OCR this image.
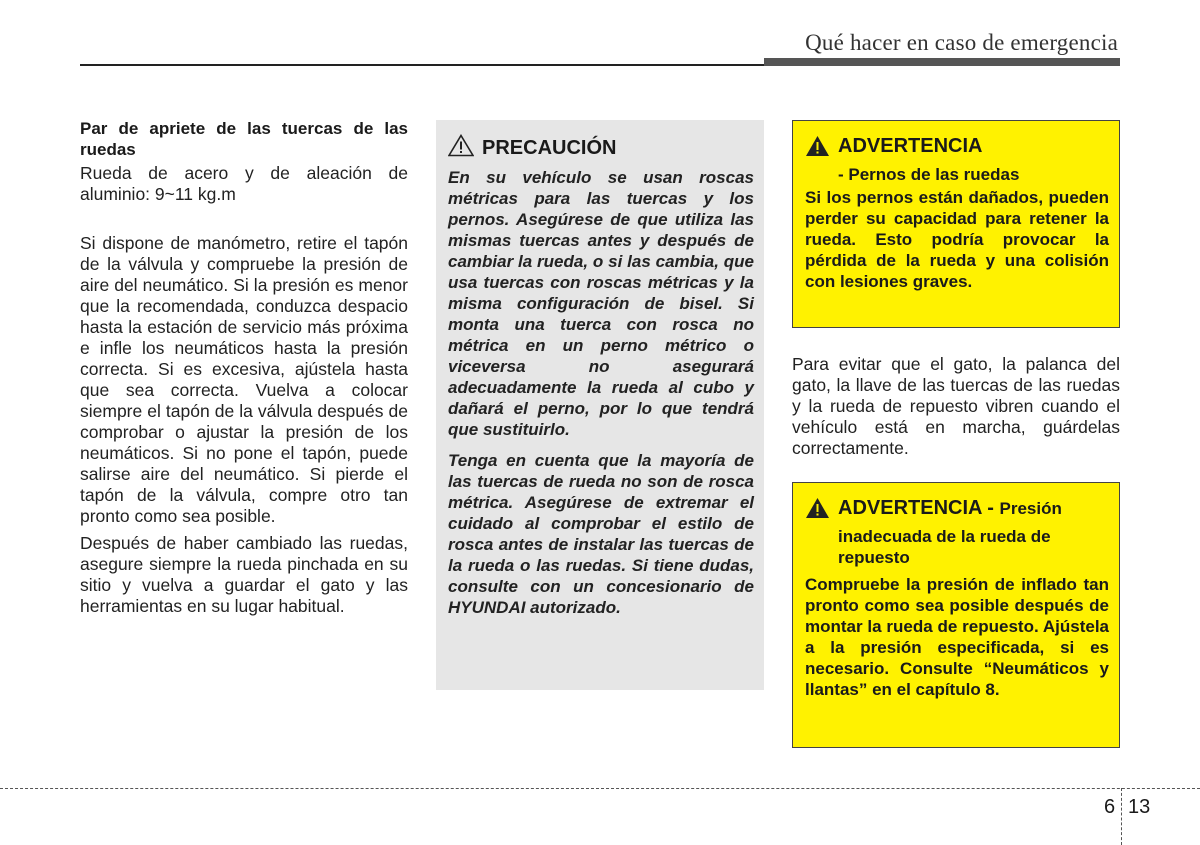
Qué hacer en caso de emergencia

Par de apriete de las tuercas de las ruedas

Rueda de acero y de aleación de aluminio: 9~11 kg.m

Si dispone de manómetro, retire el tapón de la válvula y compruebe la presión de aire del neumático. Si la presión es menor que la recomendada, conduzca despacio hasta la estación de servicio más próxima e infle los neumáticos hasta la presión correcta. Si es excesiva, ajústela hasta que sea correcta. Vuelva a colocar siempre el tapón de la válvula después de comprobar o ajustar la presión de los neumáticos. Si no pone el tapón, puede salirse aire del neumático. Si pierde el tapón de la válvula, compre otro tan pronto como sea posible.

Después de haber cambiado las ruedas, asegure siempre la rueda pinchada en su sitio y vuelva a guardar el gato y las herramientas en su lugar habitual.

PRECAUCIÓN

En su vehículo se usan roscas métricas para las tuercas y los pernos. Asegúrese de que utiliza las mismas tuercas antes y después de cambiar la rueda, o si las cambia, que usa tuercas con roscas métricas y la misma configuración de bisel. Si monta una tuerca con rosca no métrica en un perno métrico o viceversa no asegurará adecuadamente la rueda al cubo y dañará el perno, por lo que tendrá que sustituirlo.

Tenga en cuenta que la mayoría de las tuercas de rueda no son de rosca métrica. Asegúrese de extremar el cuidado al comprobar el estilo de rosca antes de instalar las tuercas de la rueda o las ruedas. Si tiene dudas, consulte con un concesionario de HYUNDAI autorizado.

ADVERTENCIA
- Pernos de las ruedas

Si los pernos están dañados, pueden perder su capacidad para retener la rueda. Esto podría provocar la pérdida de la rueda y una colisión con lesiones graves.

Para evitar que el gato, la palanca del gato, la llave de las tuercas de las ruedas y la rueda de repuesto vibren cuando el vehículo está en marcha, guárdelas correctamente.

ADVERTENCIA - Presión
inadecuada de la rueda de repuesto

Compruebe la presión de inflado tan pronto como sea posible después de montar la rueda de repuesto. Ajústela a la presión especificada, si es necesario. Consulte “Neumáticos y llantas” en el capítulo 8.

6 13
